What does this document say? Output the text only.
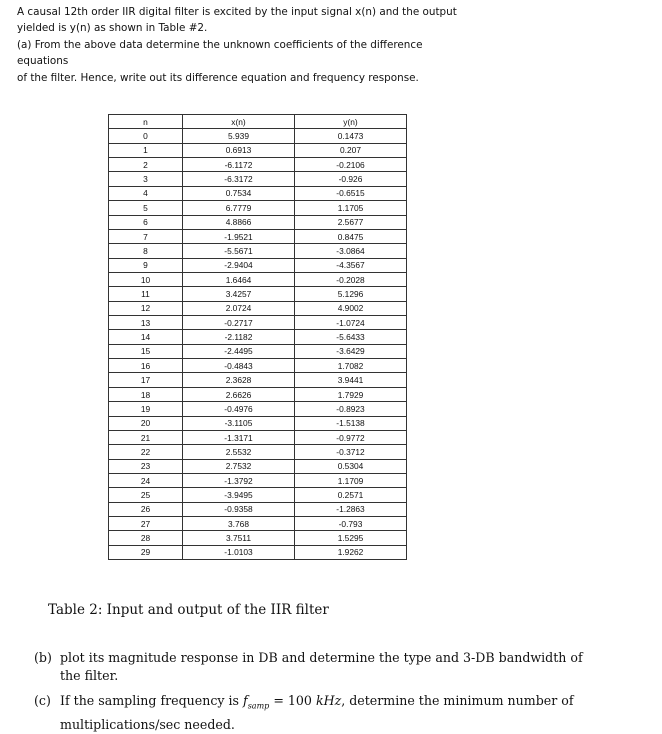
A causal 12th order IIR digital filter is excited by the input signal x(n) and the output

yielded is y(n) as shown in Table #2.

(a) From the above data determine the unknown coefficients of the difference equations

of the filter. Hence, write out its difference equation and frequency response.

n	x(n)	y(n)
0	5.939	0.1473
1	0.6913	0.207
2	-6.1172	-0.2106
3	-6.3172	-0.926
4	0.7534	-0.6515
5	6.7779	1.1705
6	4.8866	2.5677
7	-1.9521	0.8475
8	-5.5671	-3.0864
9	-2.9404	-4.3567
10	1.6464	-0.2028
11	3.4257	5.1296
12	2.0724	4.9002
13	-0.2717	-1.0724
14	-2.1182	-5.6433
15	-2.4495	-3.6429
16	-0.4843	1.7082
17	2.3628	3.9441
18	2.6626	1.7929
19	-0.4976	-0.8923
20	-3.1105	-1.5138
21	-1.3171	-0.9772
22	2.5532	-0.3712
23	2.7532	0.5304
24	-1.3792	1.1709
25	-3.9495	0.2571
26	-0.9358	-1.2863
27	3.768	-0.793
28	3.7511	1.5295
29	-1.0103	1.9262
Table 2: Input and output of the IIR filter
(b) plot its magnitude response in DB and determine the type and 3-DB bandwidth of
the filter.
(c) If the sampling frequency is $f_{samp} = 100$ kHz, determine the minimum number of
multiplications/sec needed.
